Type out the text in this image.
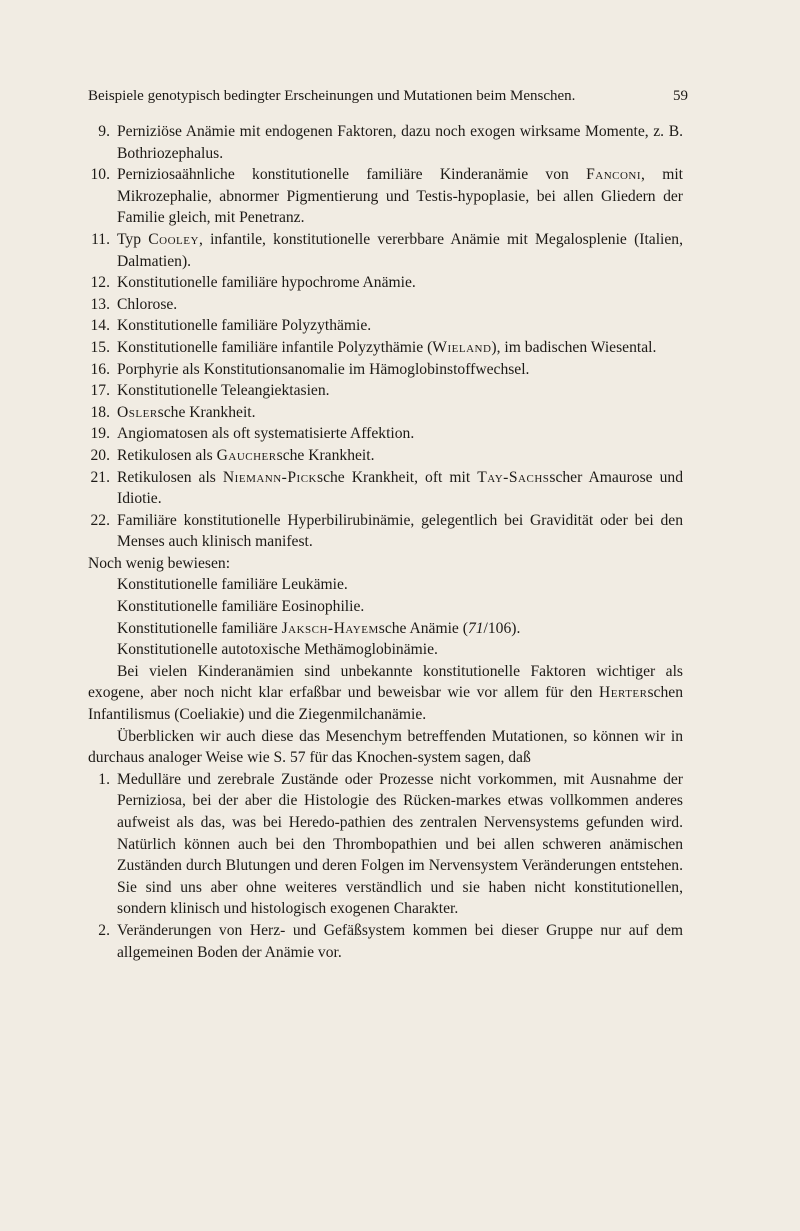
Beispiele genotypisch bedingter Erscheinungen und Mutationen beim Menschen.	59
9. Perniziöse Anämie mit endogenen Faktoren, dazu noch exogen wirksame Momente, z. B. Bothriozephalus.
10. Perniziosaähnliche konstitutionelle familiäre Kinderanämie von Fanconi, mit Mikrozephalie, abnormer Pigmentierung und Testis-hypoplasie, bei allen Gliedern der Familie gleich, mit Penetranz.
11. Typ Cooley, infantile, konstitutionelle vererbbare Anämie mit Megalosplenie (Italien, Dalmatien).
12. Konstitutionelle familiäre hypochrome Anämie.
13. Chlorose.
14. Konstitutionelle familiäre Polyzythämie.
15. Konstitutionelle familiäre infantile Polyzythämie (Wieland), im badischen Wiesental.
16. Porphyrie als Konstitutionsanomalie im Hämoglobinstoffwechsel.
17. Konstitutionelle Teleangiektasien.
18. Oslersche Krankheit.
19. Angiomatosen als oft systematisierte Affektion.
20. Retikulosen als Gauchersche Krankheit.
21. Retikulosen als Niemann-Picksche Krankheit, oft mit Tay-Sachsscher Amaurose und Idiotie.
22. Familiäre konstitutionelle Hyperbilirubinämie, gelegentlich bei Gravidität oder bei den Menses auch klinisch manifest.
Noch wenig bewiesen:
Konstitutionelle familiäre Leukämie.
Konstitutionelle familiäre Eosinophilie.
Konstitutionelle familiäre Jaksch-Hayemsche Anämie (71/106).
Konstitutionelle autotoxische Methämoglobinämie.

Bei vielen Kinderanämien sind unbekannte konstitutionelle Faktoren wichtiger als exogene, aber noch nicht klar erfaßbar und beweisbar wie vor allem für den Herterschen Infantilismus (Coeliakie) und die Ziegenmilchanämie.

Überblicken wir auch diese das Mesenchym betreffenden Mutationen, so können wir in durchaus analoger Weise wie S. 57 für das Knochen-system sagen, daß

1. Medulläre und zerebrale Zustände oder Prozesse nicht vorkommen, mit Ausnahme der Perniziosa, bei der aber die Histologie des Rücken-markes etwas vollkommen anderes aufweist als das, was bei Heredo-pathien des zentralen Nervensystems gefunden wird. Natürlich können auch bei den Thrombopathien und bei allen schweren anämischen Zuständen durch Blutungen und deren Folgen im Nervensystem Veränderungen entstehen. Sie sind uns aber ohne weiteres verständlich und sie haben nicht konstitutionellen, sondern klinisch und histologisch exogenen Charakter.
2. Veränderungen von Herz- und Gefäßsystem kommen bei dieser Gruppe nur auf dem allgemeinen Boden der Anämie vor.
